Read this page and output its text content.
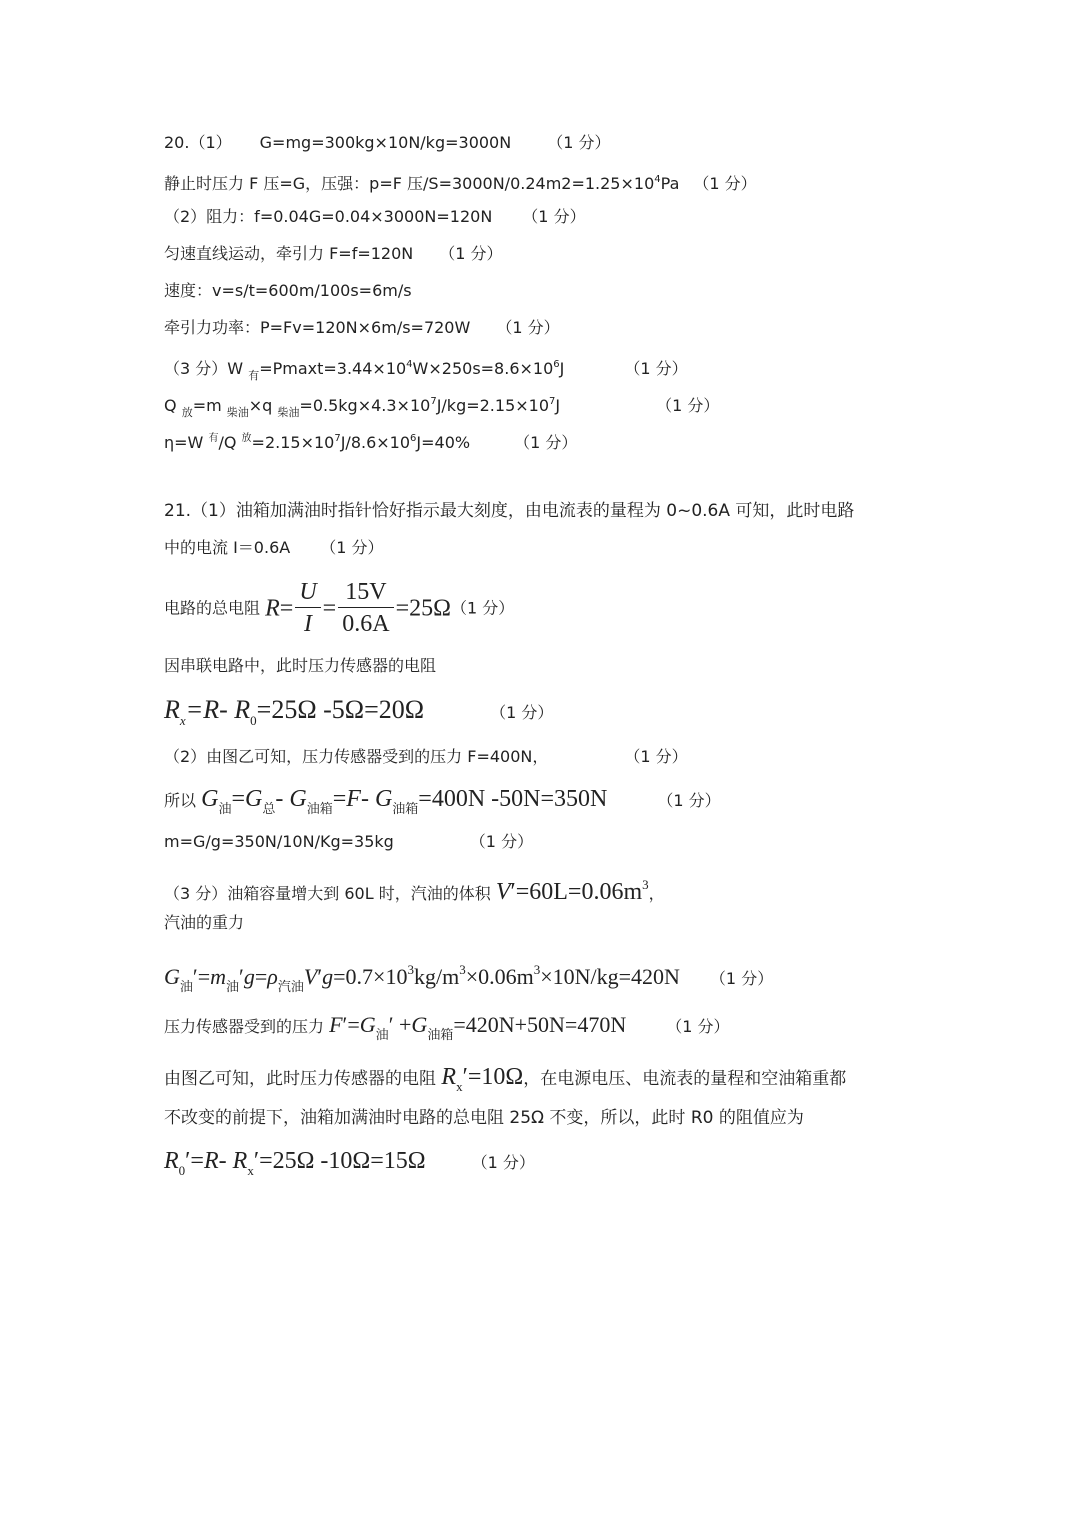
20.（1） G=mg=300kg×10N/kg=3000N （1 分）
静止时压力 F 压=G，压强：p=F 压$/S=3000N/0.24m2=1.25\times 10^4Pa$ （1 分）
（2）阻力：f=0.04G=0.04×3000N=120N （1 分）
匀速直线运动，牵引力 F=f=120N （1 分）
速度：v=s/t=600m/100s=6m/s
牵引力功率：P=Fv=120N×6m/s=720W （1 分）
（3 分）W $_有=Pmaxt=3.44\times 10^4W\times 250s=8.6\times 10^6J$	（1 分）
Q $_放$=m $_{柴油}$×q $_{柴油}=0.5kg\times 4.3\times 10^7J/kg=2.15\times 10^7J$	（1 分）
η=W $^有$/Q $^放=2.15\times 10^7J/8.6\times 10^6J=40\%$	（1 分）
21.（1）油箱加满油时指针恰好指示最大刻度，由电流表的量程为 0~0.6A 可知，此时电路
中的电流 I＝0.6A （1 分）
电路的总电阻 $R= \frac{U}{I} = \frac{15V}{0.6A} =25\Omega(1$ 分）
因串联电路中，此时压力传感器的电阻
$R_x=R-$ $R_0=25\Omega$ -5Ω=20Ω	（1 分）
（2）由图乙可知，压力传感器受到的压力 F=400N，	（1 分）
所以 $G_油=G_总-$ $G_{油箱}=F-$ $G_{油箱}=400N$ -50N=350N	（1 分）
m=G/g=350N/10N/Kg=35kg	（1 分）
（3 分）油箱容量增大到 60L 时，汽油的体积 $V'=60L=0.06m^3$，
汽油的重力
$G_油'=m_油'g=\rho_{汽油}V'g=0.7\times 10^3kg/m^3\times 0.06m^3\times 10N/kg=420N$ （1 分）
压力传感器受到的压力 $F'=G_油' +G_{油箱}=420N+50N=470N$	（1 分）
由图乙可知，此时压力传感器的电阻 $R_x'=10\Omega$，在电源电压、电流表的量程和空油箱重都
不改变的前提下，油箱加满油时电路的总电阻 25Ω 不变，所以，此时 R0 的阻值应为
$R_0'=R-$ $R_x'=25\Omega$ -10Ω=15Ω	（1 分）
